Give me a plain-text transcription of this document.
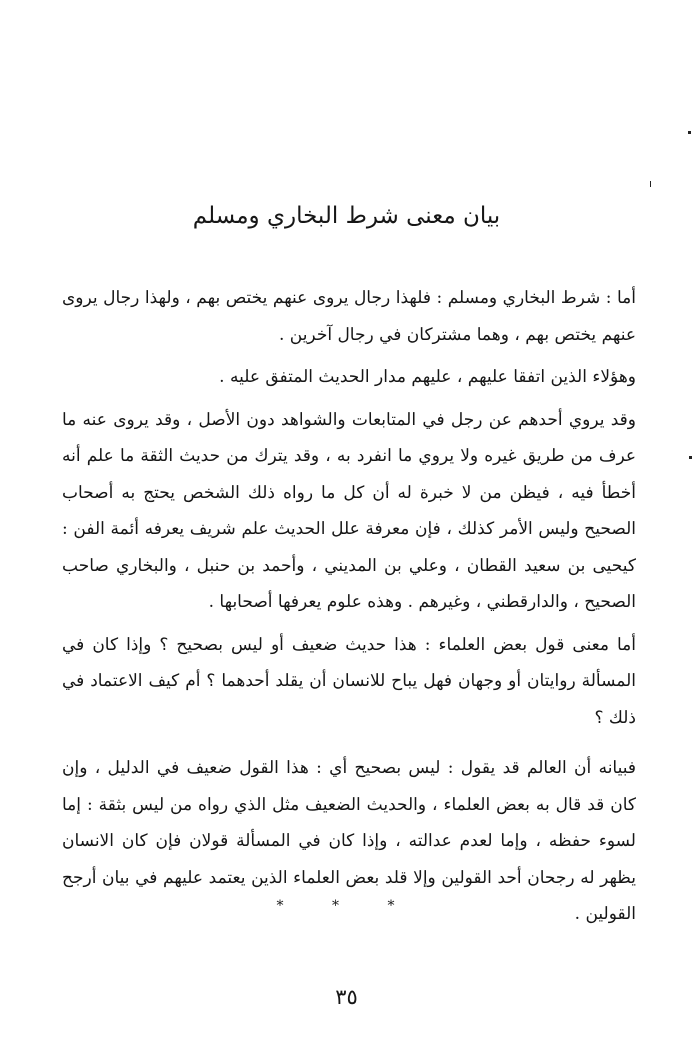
بيان معنى شرط البخاري ومسلم

أما : شرط البخاري ومسلم : فلهذا رجال يروى عنهم يختص بهم ، ولهذا رجال يروى عنهم يختص بهم ، وهما مشتركان في رجال آخرين .

وهؤلاء الذين اتفقا عليهم ، عليهم مدار الحديث المتفق عليه .

وقد يروي أحدهم عن رجل في المتابعات والشواهد دون الأصل ، وقد يروى عنه ما عرف من طريق غيره ولا يروي ما انفرد به ، وقد يترك من حديث الثقة ما علم أنه أخطأ فيه ، فيظن من لا خبرة له أن كل ما رواه ذلك الشخص يحتج به أصحاب الصحيح وليس الأمر كذلك ، فإن معرفة علل الحديث علم شريف يعرفه أئمة الفن : كيحيى بن سعيد القطان ، وعلي بن المديني ، وأحمد بن حنبل ، والبخاري صاحب الصحيح ، والدارقطني ، وغيرهم . وهذه علوم يعرفها أصحابها .

أما معنى قول بعض العلماء : هذا حديث ضعيف أو ليس بصحيح ؟ وإذا كان في المسألة روايتان أو وجهان فهل يباح للانسان أن يقلد أحدهما ؟ أم كيف الاعتماد في ذلك ؟

فبيانه أن العالم قد يقول : ليس بصحيح أي : هذا القول ضعيف في الدليل ، وإن كان قد قال به بعض العلماء ، والحديث الضعيف مثل الذي رواه من ليس بثقة : إما لسوء حفظه ، وإما لعدم عدالته ، وإذا كان في المسألة قولان فإن كان الانسان يظهر له رجحان أحد القولين وإلا قلد بعض العلماء الذين يعتمد عليهم في بيان أرجح القولين .

* * *
٣٥
